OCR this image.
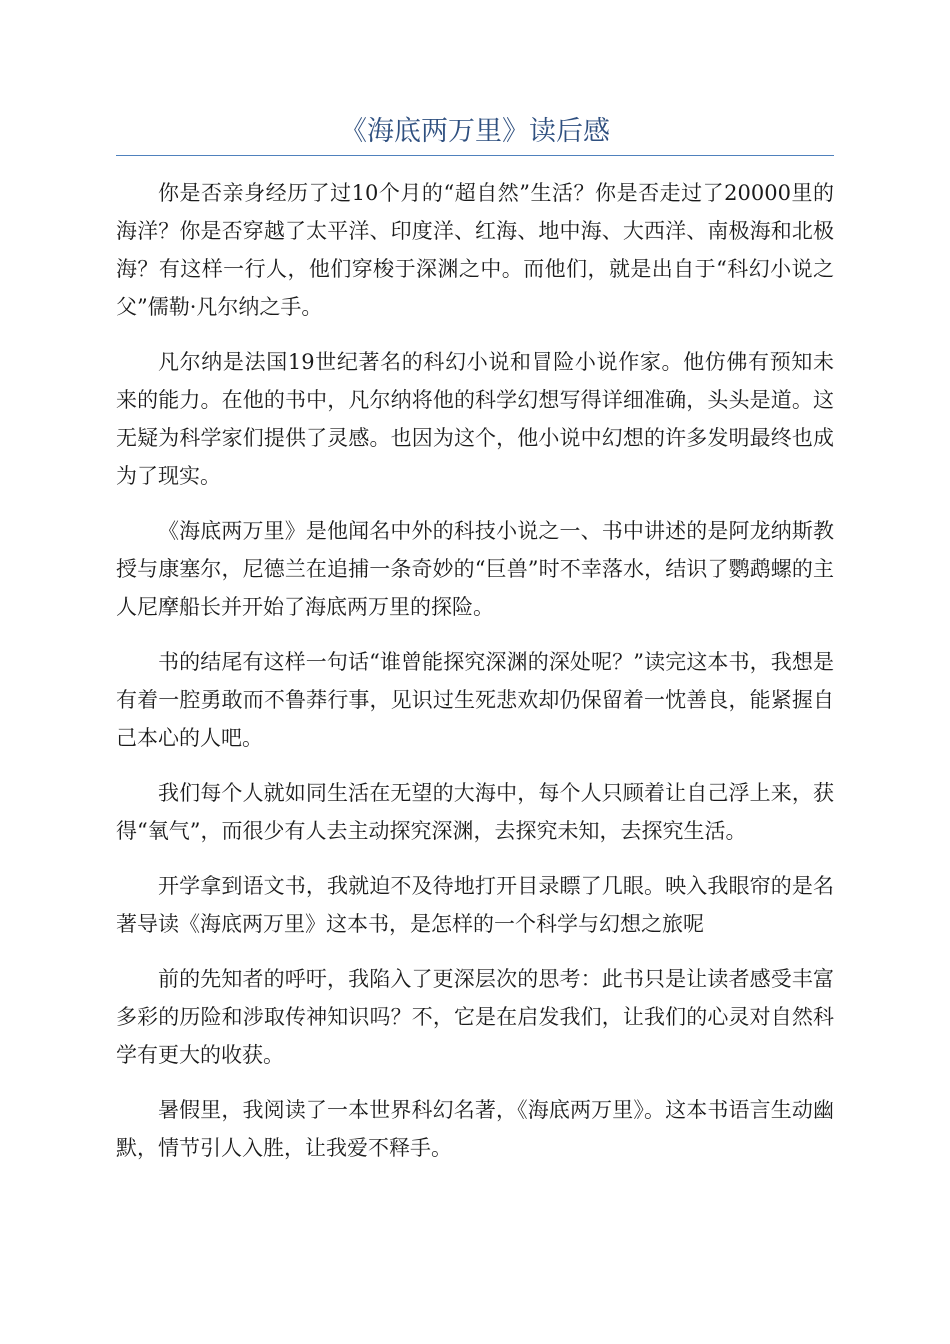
《海底两万里》读后感

你是否亲身经历了过10个月的“超自然”生活？你是否走过了20000里的海洋？你是否穿越了太平洋、印度洋、红海、地中海、大西洋、南极海和北极海？有这样一行人，他们穿梭于深渊之中。而他们，就是出自于“科幻小说之父”儒勒·凡尔纳之手。

凡尔纳是法国19世纪著名的科幻小说和冒险小说作家。他仿佛有预知未来的能力。在他的书中，凡尔纳将他的科学幻想写得详细准确，头头是道。这无疑为科学家们提供了灵感。也因为这个，他小说中幻想的许多发明最终也成为了现实。

《海底两万里》是他闻名中外的科技小说之一、书中讲述的是阿龙纳斯教授与康塞尔，尼德兰在追捕一条奇妙的“巨兽”时不幸落水，结识了鹦鹉螺的主人尼摩船长并开始了海底两万里的探险。

书的结尾有这样一句话“谁曾能探究深渊的深处呢？”读完这本书，我想是有着一腔勇敢而不鲁莽行事，见识过生死悲欢却仍保留着一忱善良，能紧握自己本心的人吧。

我们每个人就如同生活在无望的大海中，每个人只顾着让自己浮上来，获得“氧气”，而很少有人去主动探究深渊，去探究未知，去探究生活。

开学拿到语文书，我就迫不及待地打开目录瞟了几眼。映入我眼帘的是名著导读《海底两万里》这本书，是怎样的一个科学与幻想之旅呢

前的先知者的呼吁，我陷入了更深层次的思考：此书只是让读者感受丰富多彩的历险和涉取传神知识吗？不，它是在启发我们，让我们的心灵对自然科学有更大的收获。

暑假里，我阅读了一本世界科幻名著，《海底两万里》。这本书语言生动幽默，情节引人入胜，让我爱不释手。
